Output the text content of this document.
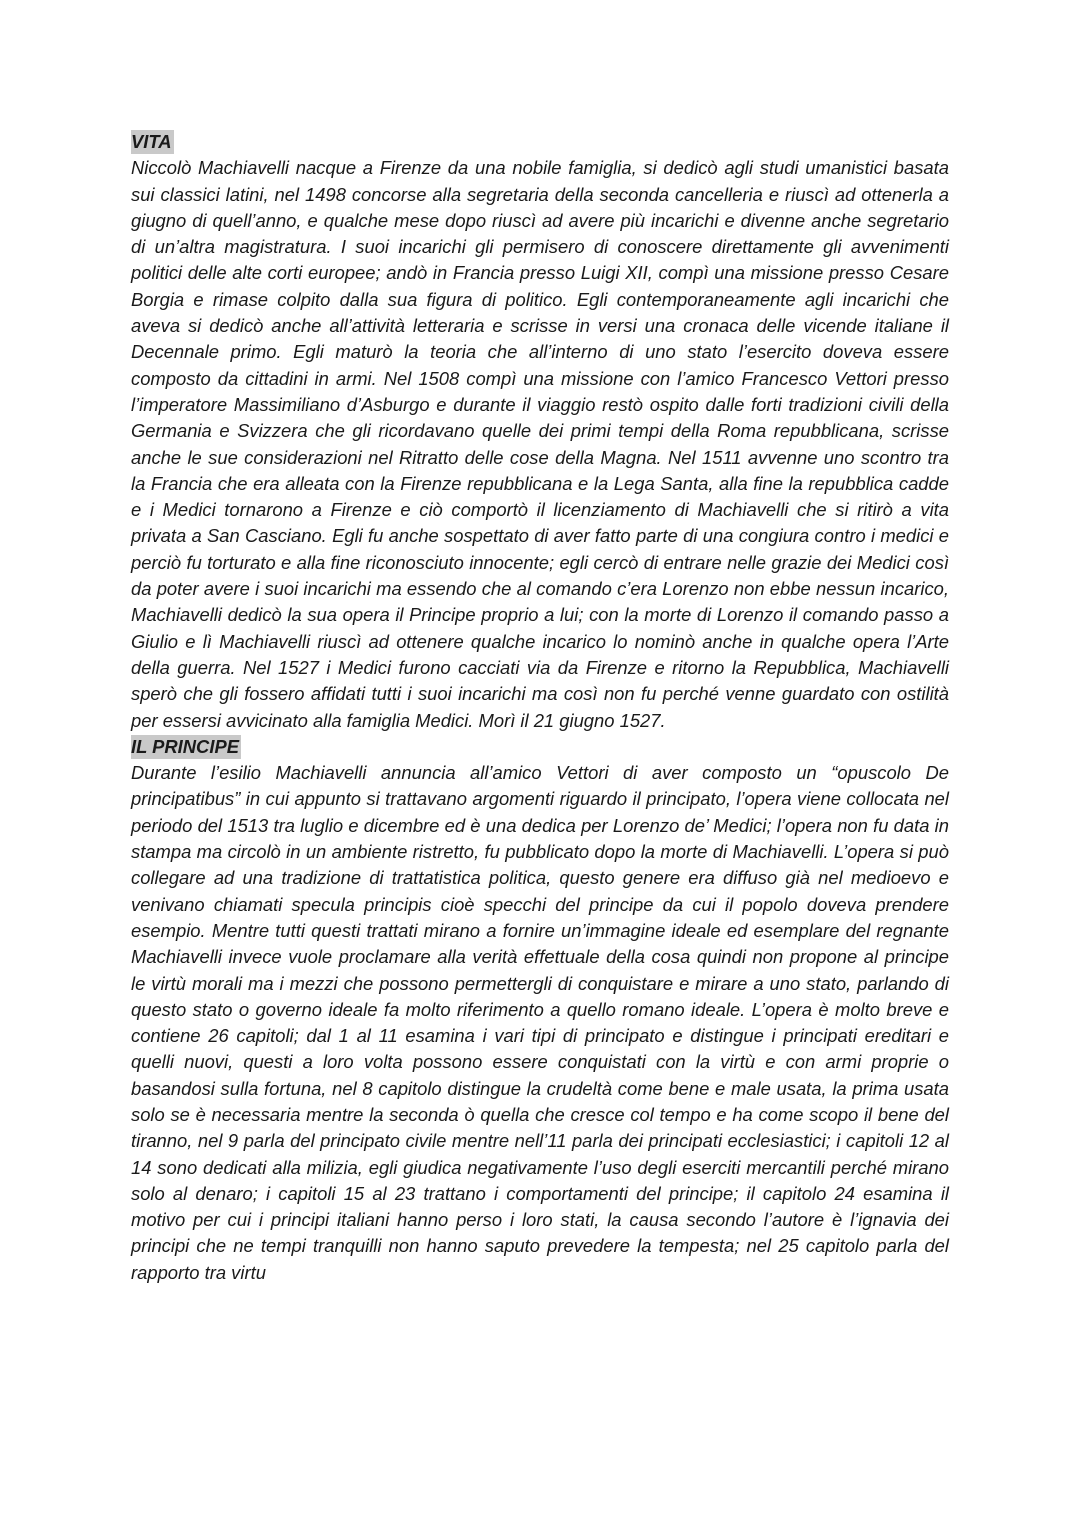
VITA

Niccolò Machiavelli nacque a Firenze da una nobile famiglia, si dedicò agli studi umanistici basata sui classici latini, nel 1498 concorse alla segretaria della seconda cancelleria e riuscì ad ottenerla a giugno di quell’anno, e qualche mese dopo riuscì ad avere più incarichi e divenne anche segretario di un’altra magistratura. I suoi incarichi gli permisero di conoscere direttamente gli avvenimenti politici delle alte corti europee; andò in Francia presso Luigi XII, compì una missione presso Cesare Borgia e rimase colpito dalla sua figura di politico. Egli contemporaneamente agli incarichi che aveva si dedicò anche all’attività letteraria e scrisse in versi una cronaca delle vicende italiane il Decennale primo. Egli maturò la teoria che all’interno di uno stato l’esercito doveva essere composto da cittadini in armi. Nel 1508 compì una missione con l’amico Francesco Vettori presso l’imperatore Massimiliano d’Asburgo e durante il viaggio restò ospito dalle forti tradizioni civili della Germania e Svizzera che gli ricordavano quelle dei primi tempi della Roma repubblicana, scrisse anche le sue considerazioni nel Ritratto delle cose della Magna. Nel 1511 avvenne uno scontro tra la Francia che era alleata con la Firenze repubblicana e la Lega Santa, alla fine la repubblica cadde e i Medici tornarono a Firenze e ciò comportò il licenziamento di Machiavelli che si ritirò a vita privata a San Casciano. Egli fu anche sospettato di aver fatto parte di una congiura contro i medici e perciò fu torturato e alla fine riconosciuto innocente; egli cercò di entrare nelle grazie dei Medici così da poter avere i suoi incarichi ma essendo che al comando c’era Lorenzo non ebbe nessun incarico, Machiavelli dedicò la sua opera il Principe proprio a lui; con la morte di Lorenzo il comando passo a Giulio e lì Machiavelli riuscì ad ottenere qualche incarico lo nominò anche in qualche opera l’Arte della guerra. Nel 1527 i Medici furono cacciati via da Firenze e ritorno la Repubblica, Machiavelli sperò che gli fossero affidati tutti i suoi incarichi ma così non fu perché venne guardato con ostilità per essersi avvicinato alla famiglia Medici. Morì il 21 giugno 1527.

IL PRINCIPE

Durante l’esilio Machiavelli annuncia all’amico Vettori di aver composto un “opuscolo De principatibus” in cui appunto si trattavano argomenti riguardo il principato, l’opera viene collocata nel periodo del 1513 tra luglio e dicembre ed è una dedica per Lorenzo de’ Medici; l’opera non fu data in stampa ma circolò in un ambiente ristretto, fu pubblicato dopo la morte di Machiavelli. L’opera si può collegare ad una tradizione di trattatistica politica, questo genere era diffuso già nel medioevo e venivano chiamati specula principis cioè specchi del principe da cui il popolo doveva prendere esempio. Mentre tutti questi trattati mirano a fornire un’immagine ideale ed esemplare del regnante Machiavelli invece vuole proclamare alla verità effettuale della cosa quindi non propone al principe le virtù morali ma i mezzi che possono permettergli di conquistare e mirare a uno stato, parlando di questo stato o governo ideale fa molto riferimento a quello romano ideale. L’opera è molto breve e contiene 26 capitoli; dal 1 al 11 esamina i vari tipi di principato e distingue i principati ereditari e quelli nuovi, questi a loro volta possono essere conquistati con la virtù e con armi proprie o basandosi sulla fortuna, nel 8 capitolo distingue la crudeltà come bene e male usata, la prima usata solo se è necessaria mentre la seconda ò quella che cresce col tempo e ha come scopo il bene del tiranno, nel 9 parla del principato civile mentre nell’11 parla dei principati ecclesiastici; i capitoli 12 al 14 sono dedicati alla milizia, egli giudica negativamente l’uso degli eserciti mercantili perché mirano solo al denaro; i capitoli 15 al 23 trattano i comportamenti del principe; il capitolo 24 esamina il motivo per cui i principi italiani hanno perso i loro stati, la causa secondo l’autore è l’ignavia dei principi che ne tempi tranquilli non hanno saputo prevedere la tempesta; nel 25 capitolo parla del rapporto tra virtu
